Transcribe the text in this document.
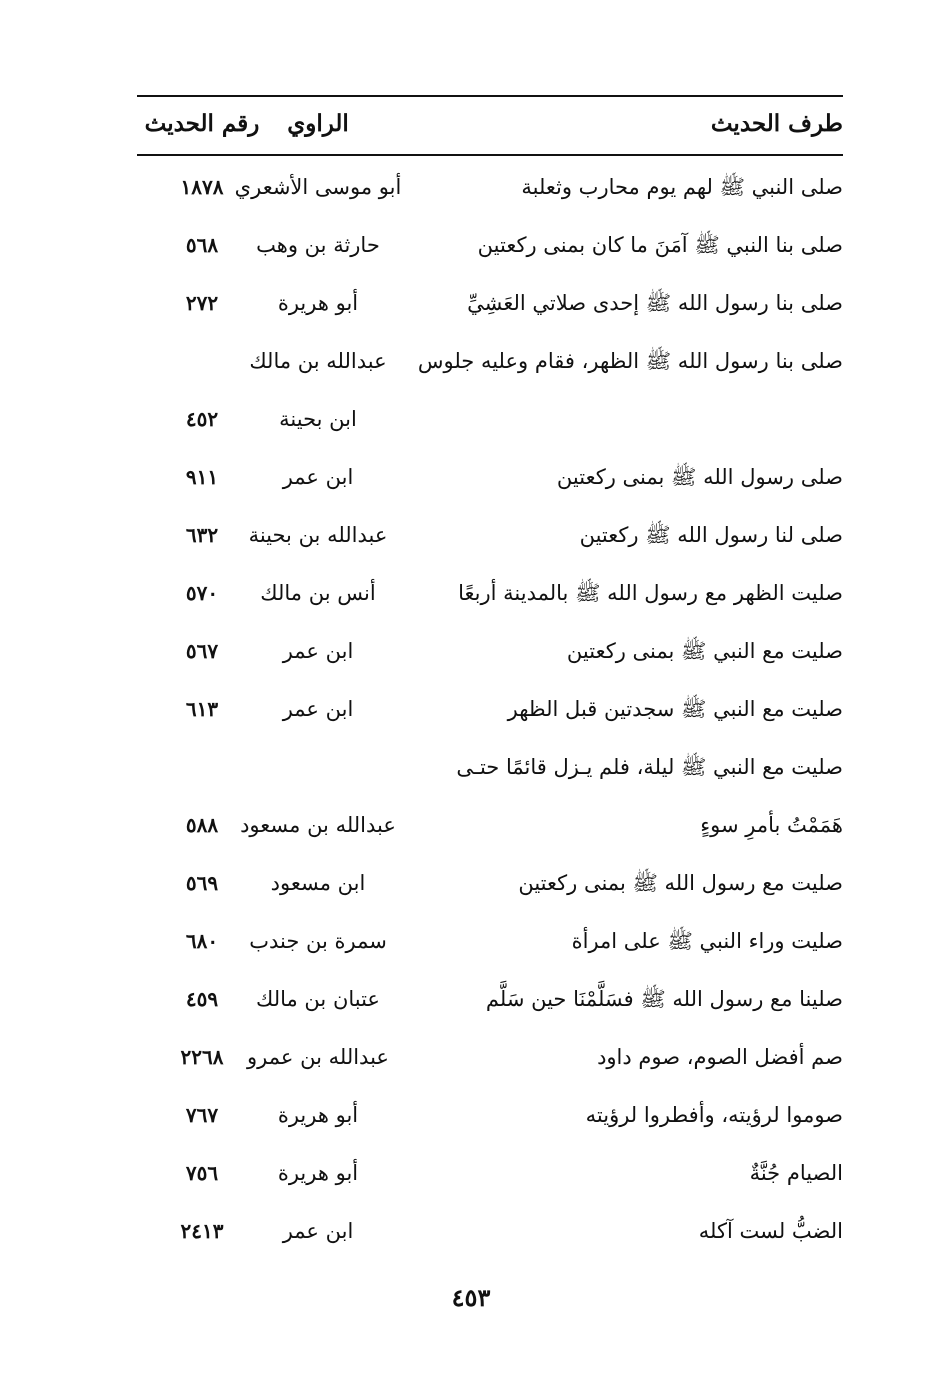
طرف الحديث
الراوي
رقم الحديث
صلى النبي ﷺ لهم يوم محارب وثعلبة
أبو موسى الأشعري
١٨٧٨
صلى بنا النبي ﷺ آمَنَ ما كان بمنى ركعتين
حارثة بن وهب
٥٦٨
صلى بنا رسول الله ﷺ إحدى صلاتي العَشِيِّ
أبو هريرة
٢٧٢
صلى بنا رسول الله ﷺ الظهر، فقام وعليه جلوس
عبدالله بن مالك
ابن بحينة
٤٥٢
صلى رسول الله ﷺ بمنى ركعتين
ابن عمر
٩١١
صلى لنا رسول الله ﷺ ركعتين
عبدالله بن بحينة
٦٣٢
صليت الظهر مع رسول الله ﷺ بالمدينة أربعًا
أنس بن مالك
٥٧٠
صليت مع النبي ﷺ بمنى ركعتين
ابن عمر
٥٦٧
صليت مع النبي ﷺ سجدتين قبل الظهر
ابن عمر
٦١٣
صليت مع النبي ﷺ ليلة، فلم يـزل قائمًا حتـى
هَمَمْتُ بأمرِ سوءٍ
عبدالله بن مسعود
٥٨٨
صليت مع رسول الله ﷺ بمنى ركعتين
ابن مسعود
٥٦٩
صليت وراء النبي ﷺ على امرأة
سمرة بن جندب
٦٨٠
صلينا مع رسول الله ﷺ فسَلَّمْنَا حين سَلَّم
عتبان بن مالك
٤٥٩
صم أفضل الصوم، صوم داود
عبدالله بن عمرو
٢٢٦٨
صوموا لرؤيته، وأفطروا لرؤيته
أبو هريرة
٧٦٧
الصيام جُنَّةٌ
أبو هريرة
٧٥٦
الضبُّ لست آكله
ابن عمر
٢٤١٣
٤٥٣
